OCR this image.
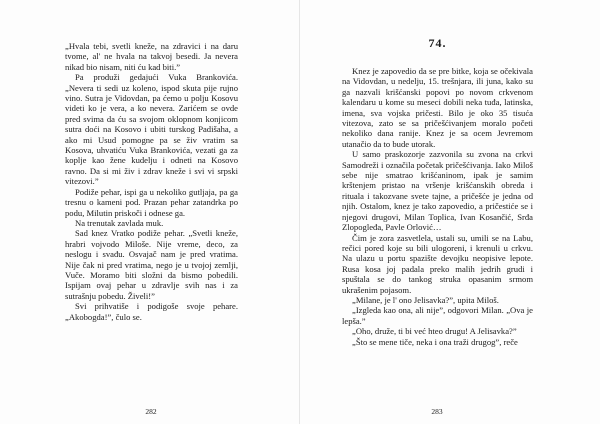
„Hvala tebi, svetli kneže, na zdravici i na daru tvome, al' ne hvala na takvoj besedi. Ja nevera nikad bio nisam, niti ću kad biti.”

Pa produži gedajući Vuka Brankovića. „Nevera ti sedi uz koleno, ispod skuta pije rujno vino. Sutra je Vidovdan, pa ćemo u polju Kosovu videti ko je vera, a ko nevera. Zarićem se ovde pred svima da ću sa svojom oklopnom konjicom sutra doći na Kosovo i ubiti turskog Padišaha, a ako mi Usud pomogne pa se živ vratim sa Kosova, uhvatiću Vuka Brankovića, vezati ga za koplje kao žene kudelju i odneti na Kosovo ravno. Da si mi živ i zdrav kneže i svi vi srpski vitezovi.”

Podiže pehar, ispi ga u nekoliko gutljaja, pa ga tresnu o kameni pod. Prazan pehar zatandrka po podu, Milutin priskoči i odnese ga.

Na trenutak zavlada muk.

Sad knez Vratko podiže pehar. „Svetli kneže, hrabri vojvodo Miloše. Nije vreme, deco, za neslogu i svađu. Osvajač nam je pred vratima. Nije čak ni pred vratima, nego je u tvojoj zemlji, Vuče. Moramo biti složni da bismo pobedili. Ispijam ovaj pehar u zdravlje svih nas i za sutrašnju pobedu. Živeli!”

Svi prihvatiše i podigoše svoje pehare. „Akobogda!”, čulo se.

282
74.

Knez je zapovedio da se pre bitke, koja se očekivala na Vidovdan, u nedelju, 15. trešnjara, ili juna, kako su ga nazvali krišćanski popovi po novom crkvenom kalendaru u kome su meseci dobili neka tuđa, latinska, imena, sva vojska pričesti. Bilo je oko 35 tisuća vitezova, zato se sa pričešćivanjem moralo početi nekoliko dana ranije. Knez je sa ocem Jevremom utanačio da to bude utorak.

U samo praskozorje zazvonila su zvona na crkvi Samodreži i označila početak pričešćivanja. Iako Miloš sebe nije smatrao krišćaninom, ipak je samim krštenjem pristao na vršenje krišćanskih obreda i rituala i takozvane svete tajne, a pričešće je jedna od njih. Ostalom, knez je tako zapovedio, a pričestiće se i njegovi drugovi, Milan Toplica, Ivan Kosančić, Srđa Zlopogleđa, Pavle Orlović…

Čim je zora zasvetlela, ustali su, umili se na Labu, rečici pored koje su bili ulogoreni, i krenuli u crkvu. Na ulazu u portu spazište devojku neopisive lepote. Rusa kosa joj padala preko malih jedrih grudi i spuštala se do tankog struka opasanim srmom ukrašenim pojasom.

„Milane, je l' ono Jelisavka?”, upita Miloš.

„Izgleda kao ona, ali nije”, odgovori Milan. „Ova je lepša.”

„Oho, druže, ti bi već hteo drugu! A Jelisavka?”

„Što se mene tiče, neka i ona traži drugog”, reče

283
